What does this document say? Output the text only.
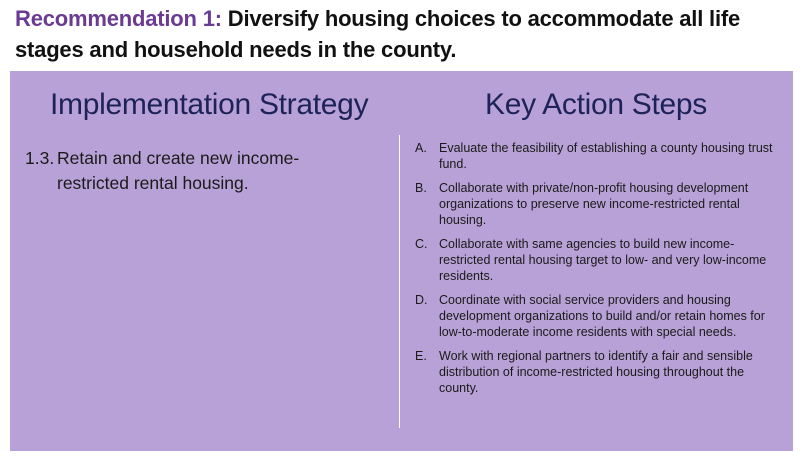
Recommendation 1: Diversify housing choices to accommodate all life stages and household needs in the county.
Implementation Strategy	Key Action Steps
1.3. Retain and create new income-
restricted rental housing.
A. Evaluate the feasibility of establishing a county housing trust fund.
B. Collaborate with private/non-profit housing development organizations to preserve new income-restricted rental housing.
C. Collaborate with same agencies to build new income-restricted rental housing target to low- and very low-income residents.
D. Coordinate with social service providers and housing development organizations to build and/or retain homes for low-to-moderate income residents with special needs.
E. Work with regional partners to identify a fair and sensible distribution of income-restricted housing throughout the county.
